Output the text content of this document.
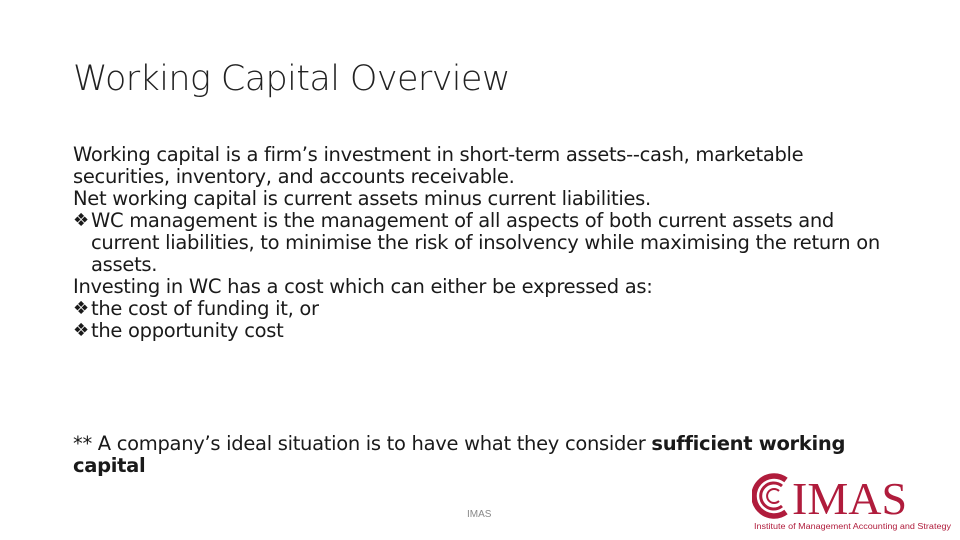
Working Capital Overview

Working capital is a firm’s investment in short-term assets--cash, marketable securities, inventory, and accounts receivable.

Net working capital is current assets minus current liabilities.

❖ WC management is the management of all aspects of both current assets and current liabilities, to minimise the risk of insolvency while maximising the return on assets.

Investing in WC has a cost which can either be expressed as:

❖ the cost of funding it, or

❖ the opportunity cost

** A company’s ideal situation is to have what they consider sufficient working capital

IMAS	IMAS
Institute of Management Accounting and Strategy
